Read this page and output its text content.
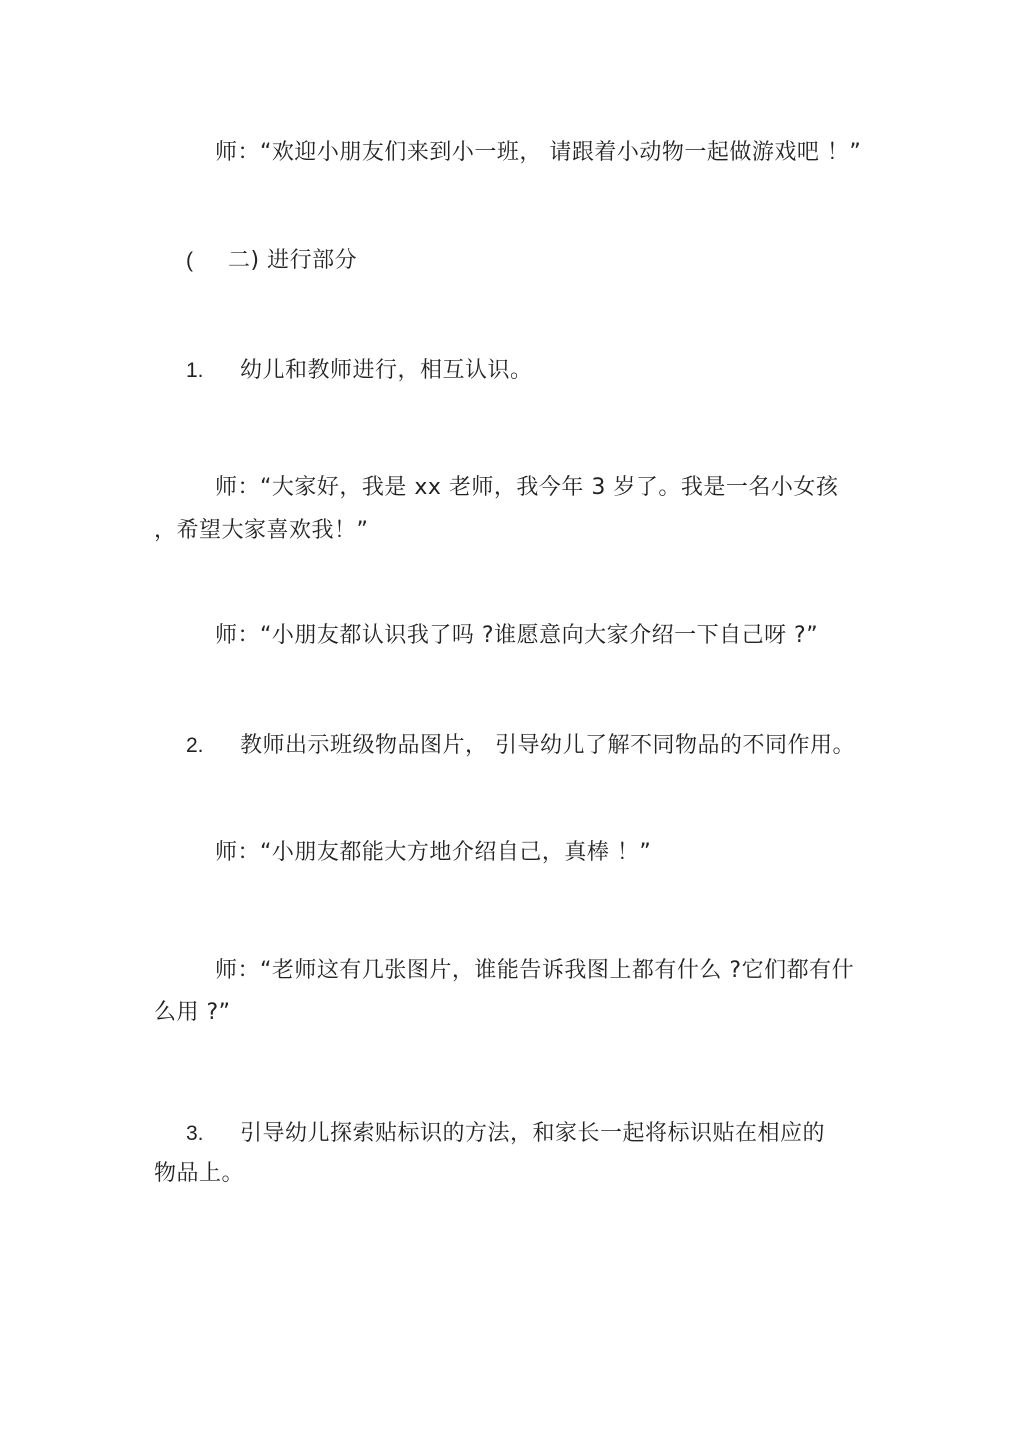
师：“欢迎小朋友们来到小一班， 请跟着小动物一起做游戏吧 ！”
( 二) 进行部分
1. 幼儿和教师进行，相互认识。
师：“大家好，我是 xx 老师，我今年 3 岁了。我是一名小女孩
，希望大家喜欢我！”
师：“小朋友都认识我了吗 ?谁愿意向大家介绍一下自己呀 ?”
2. 教师出示班级物品图片， 引导幼儿了解不同物品的不同作用。
师：“小朋友都能大方地介绍自己，真棒 ！”
师：“老师这有几张图片，谁能告诉我图上都有什么 ?它们都有什
么用 ?”
3. 引导幼儿探索贴标识的方法，和家长一起将标识贴在相应的
物品上。
